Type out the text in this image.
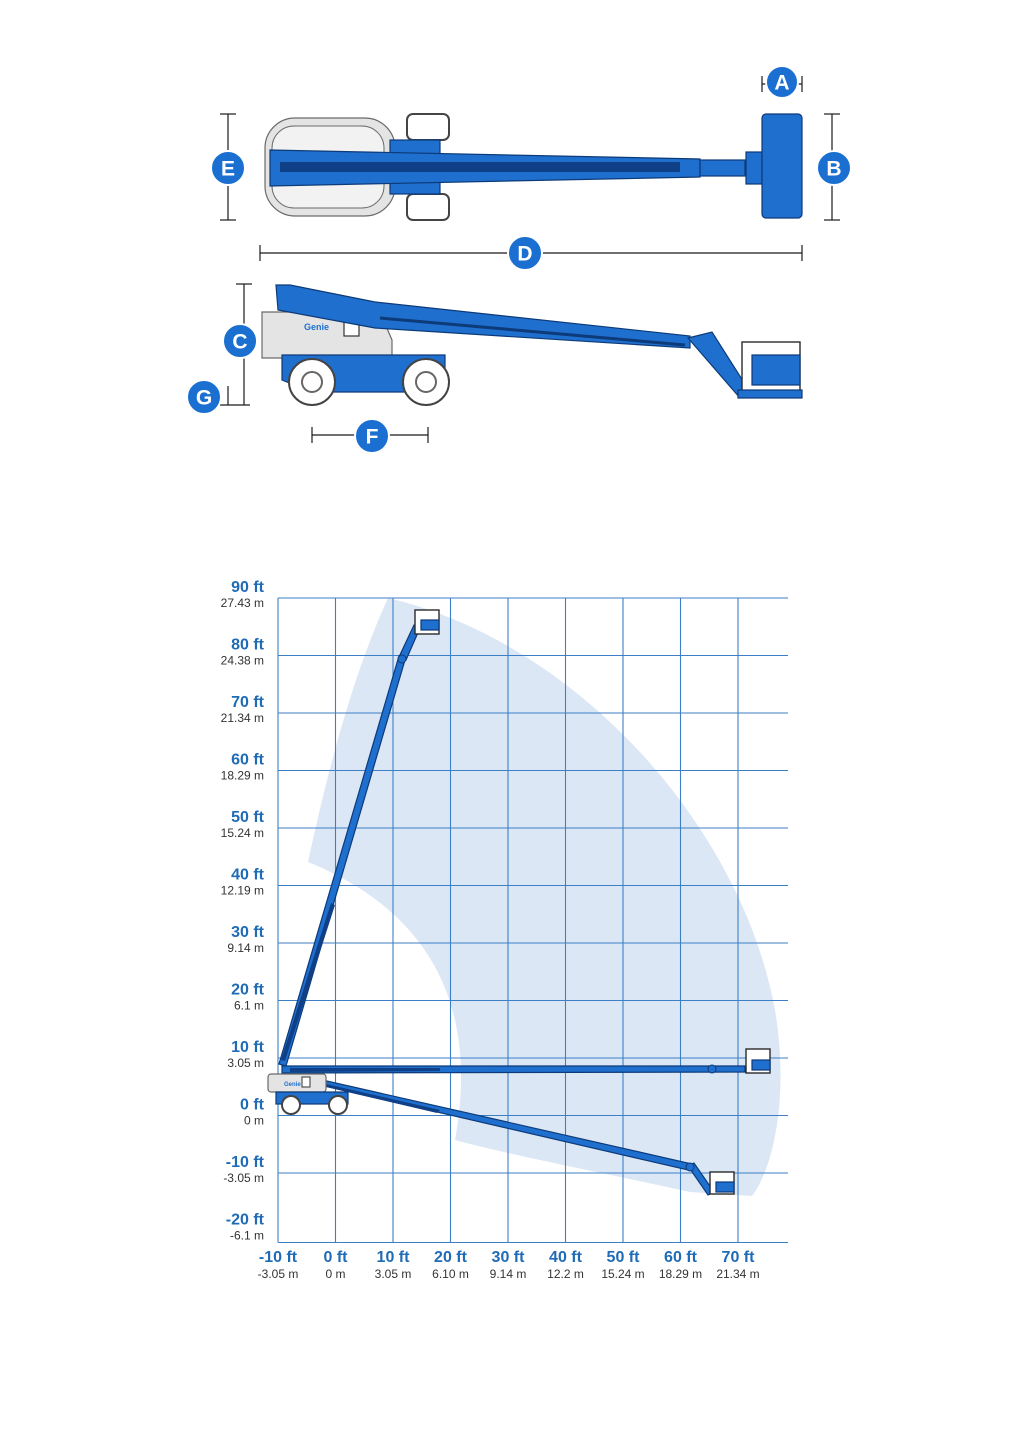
Genie
A
B
C
D
E
F
G
90 ft
27.43 m
80 ft
24.38 m
70 ft
21.34 m
60 ft
18.29 m
50 ft
15.24 m
40 ft
12.19 m
30 ft
9.14 m
20 ft
6.1 m
10 ft
3.05 m
0 ft
0 m
-10 ft
-3.05 m
-20 ft
-6.1 m
-10 ft
-3.05 m
0 ft
0 m
10 ft
3.05 m
20 ft
6.10 m
30 ft
9.14 m
40 ft
12.2 m
50 ft
15.24 m
60 ft
18.29 m
70 ft
21.34 m
Genie
